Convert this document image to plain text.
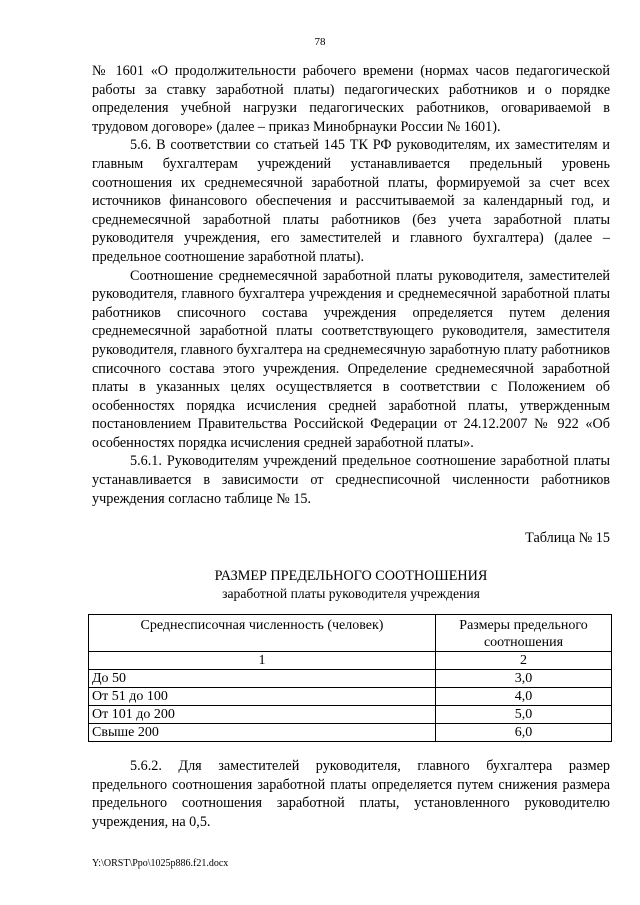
78

№ 1601 «О продолжительности рабочего времени (нормах часов педагогической работы за ставку заработной платы) педагогических работников и о порядке определения учебной нагрузки педагогических работников, оговариваемой в трудовом договоре» (далее – приказ Минобрнауки России № 1601).

5.6. В соответствии со статьей 145 ТК РФ руководителям, их заместителям и главным бухгалтерам учреждений устанавливается предельный уровень соотношения их среднемесячной заработной платы, формируемой за счет всех источников финансового обеспечения и рассчитываемой за календарный год, и среднемесячной заработной платы работников (без учета заработной платы руководителя учреждения, его заместителей и главного бухгалтера) (далее – предельное соотношение заработной платы).

Соотношение среднемесячной заработной платы руководителя, заместителей руководителя, главного бухгалтера учреждения и среднемесячной заработной платы работников списочного состава учреждения определяется путем деления среднемесячной заработной платы соответствующего руководителя, заместителя руководителя, главного бухгалтера на среднемесячную заработную плату работников списочного состава этого учреждения. Определение среднемесячной заработной платы в указанных целях осуществляется в соответствии с Положением об особенностях порядка исчисления средней заработной платы, утвержденным постановлением Правительства Российской Федерации от 24.12.2007 № 922 «Об особенностях порядка исчисления средней заработной платы».

5.6.1. Руководителям учреждений предельное соотношение заработной платы устанавливается в зависимости от среднесписочной численности работников учреждения согласно таблице № 15.

Таблица № 15
РАЗМЕР ПРЕДЕЛЬНОГО СООТНОШЕНИЯ
заработной платы руководителя учреждения
Среднесписочная численность (человек)	Размеры предельного соотношения
1	2
До 50	3,0
От 51 до 100	4,0
От 101 до 200	5,0
Свыше 200	6,0

5.6.2. Для заместителей руководителя, главного бухгалтера размер предельного соотношения заработной платы определяется путем снижения размера предельного соотношения заработной платы, установленного руководителю учреждения, на 0,5.

Y:\ORST\Ppo\1025p886.f21.docx
